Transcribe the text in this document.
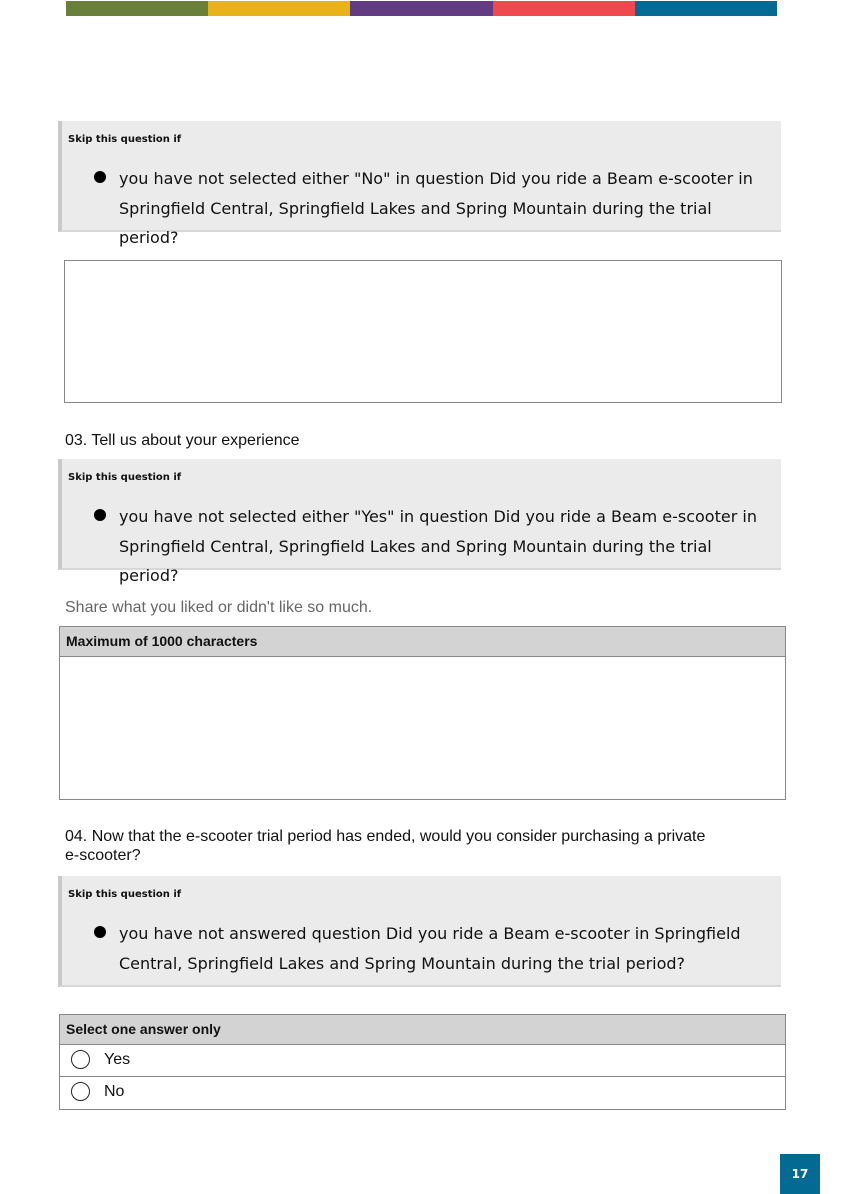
Skip this question if
you have not selected either "No" in question Did you ride a Beam e-scooter in Springfield Central, Springfield Lakes and Spring Mountain during the trial period?
03. Tell us about your experience
Skip this question if
you have not selected either "Yes" in question Did you ride a Beam e-scooter in Springfield Central, Springfield Lakes and Spring Mountain during the trial period?
Share what you liked or didn't like so much.
Maximum of 1000 characters
04. Now that the e-scooter trial period has ended, would you consider purchasing a private e-scooter?
Skip this question if
you have not answered question Did you ride a Beam e-scooter in Springfield Central, Springfield Lakes and Spring Mountain during the trial period?
Select one answer only
Yes
No
17
